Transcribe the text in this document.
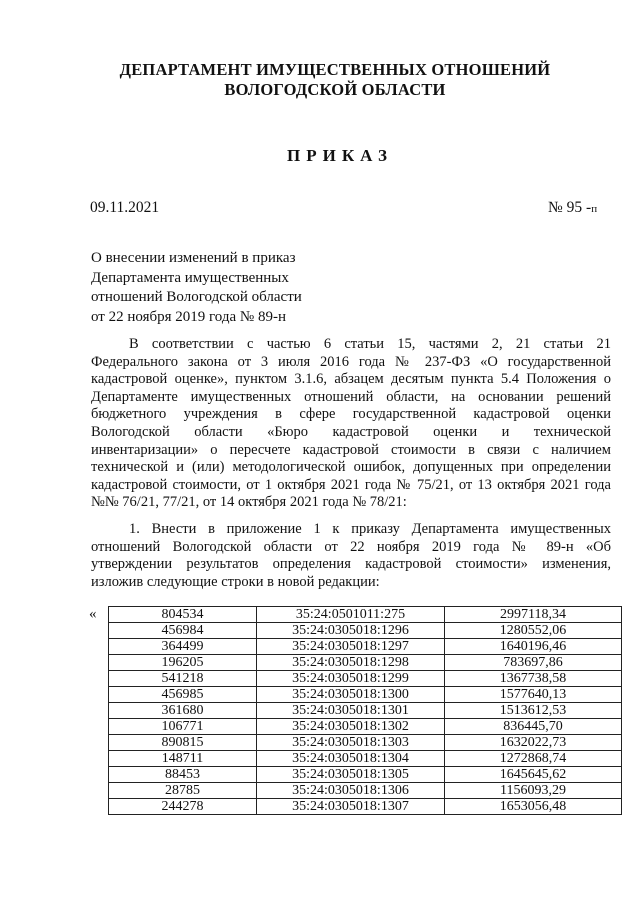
ДЕПАРТАМЕНТ ИМУЩЕСТВЕННЫХ ОТНОШЕНИЙ
ВОЛОГОДСКОЙ ОБЛАСТИ
ПРИКАЗ
09.11.2021	№ 95 -п
О внесении изменений в приказ
Департамента имущественных
отношений Вологодской области
от 22 ноября 2019 года № 89-н
В соответствии с частью 6 статьи 15, частями 2, 21 статьи 21
Федерального закона от 3 июля 2016 года № 237-ФЗ «О государственной
кадастровой оценке», пунктом 3.1.6, абзацем десятым пункта 5.4 Положения о
Департаменте имущественных отношений области, на основании решений
бюджетного учреждения в сфере государственной кадастровой оценки
Вологодской области «Бюро кадастровой оценки и технической
инвентаризации» о пересчете кадастровой стоимости в связи с наличием
технической и (или) методологической ошибок, допущенных при определении
кадастровой стоимости, от 1 октября 2021 года № 75/21, от 13 октября 2021 года
№№ 76/21, 77/21, от 14 октября 2021 года № 78/21:
1. Внести в приложение 1 к приказу Департамента имущественных
отношений Вологодской области от 22 ноября 2019 года № 89-н «Об
утверждении результатов определения кадастровой стоимости» изменения,
изложив следующие строки в новой редакции:
«	804534	35:24:0501011:275	2997118,34
456984	35:24:0305018:1296	1280552,06
364499	35:24:0305018:1297	1640196,46
196205	35:24:0305018:1298	783697,86
541218	35:24:0305018:1299	1367738,58
456985	35:24:0305018:1300	1577640,13
361680	35:24:0305018:1301	1513612,53
106771	35:24:0305018:1302	836445,70
890815	35:24:0305018:1303	1632022,73
148711	35:24:0305018:1304	1272868,74
88453	35:24:0305018:1305	1645645,62
28785	35:24:0305018:1306	1156093,29
244278	35:24:0305018:1307	1653056,48
